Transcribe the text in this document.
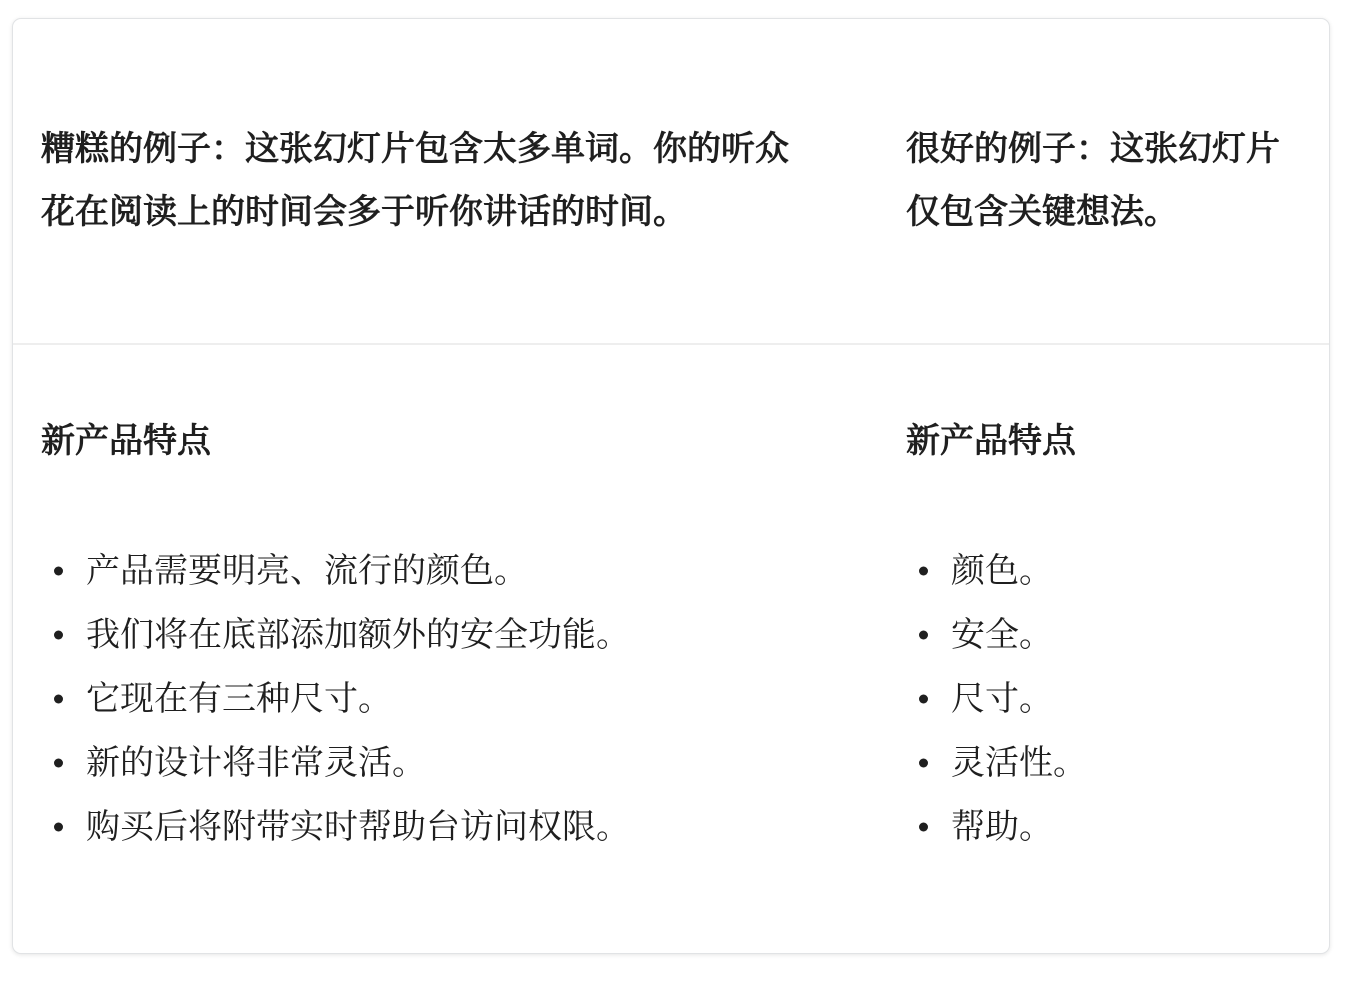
糟糕的例子：这张幻灯片包含太多单词。你的听众花在阅读上的时间会多于听你讲话的时间。
很好的例子：这张幻灯片仅包含关键想法。
新产品特点
产品需要明亮、流行的颜色。
我们将在底部添加额外的安全功能。
它现在有三种尺寸。
新的设计将非常灵活。
购买后将附带实时帮助台访问权限。
新产品特点
颜色。
安全。
尺寸。
灵活性。
帮助。
